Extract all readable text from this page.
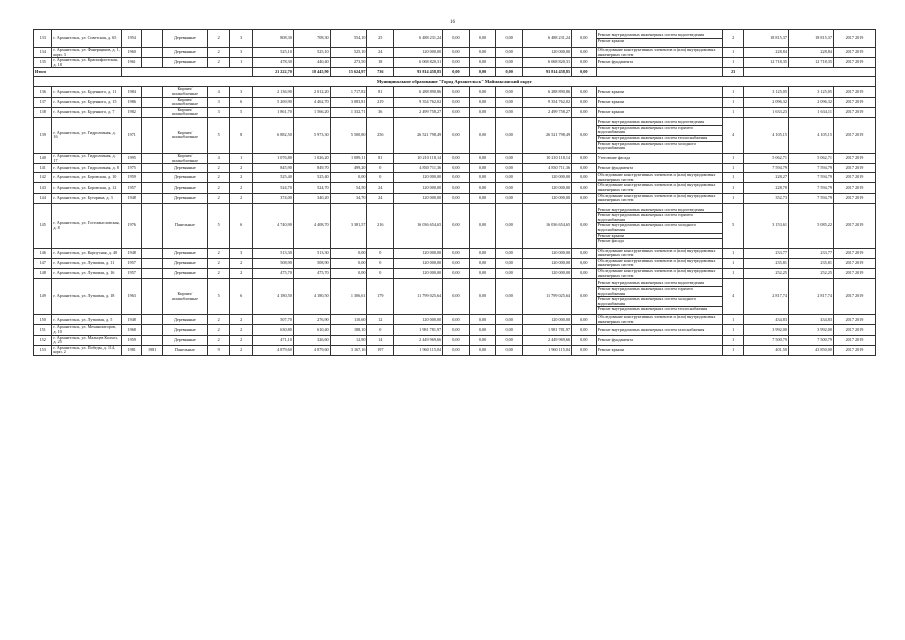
16
133	г. Архангельск, ул. Советская, д. 65	1954		Деревянные	2	3	808,30	708,30	554,10	25	6 488 231,24	0,00	0,00	0,00	6 488 231,24	0,00	Ремонт внутридомовых инженерных систем водоотведения
Ремонт крыши	2	18 815,37	18 815,37	2017 2019
134	г. Архангельск, ул. Фанерщиков, д. 1, корп. 3	1960		Деревянные	2	3	525,10	525,10	525,10	24	120 000,00	0,00	0,00	0,00	120 000,00	0,00	Обследование конструктивных элементов и (или) внутридомовых инженерных систем	1	228,84	228,84	2017 2019
135	г. Архангельск, ул. Краснофлотская, д. 18	1961		Деревянные	2	1	478,30	440,40	273,50	18	6 068 820,31	0,00	0,00	0,00	6 068 820,31	0,00	Ремонт фундамента	1	12 718,35	12 718,35	2017 2019
Итого							21 222,70	18 445,90	15 624,97	736	93 814 458,85	0,00	0,00	0,00	93 814 458,85	0,00		23			
Муниципальное образование "Город Архангельск" Маймаксанский округ																					
136	г. Архангельск, ул. Буденного, д. 11	1984		Кирпич/ шлакоблочные	4	3	2 136,90	2 012,20	1 717,82	81	6 288 890,86	0,00	0,00	0,00	6 288 890,86	0,00	Ремонт крыши	1	3 125,05	3 125,05	2017 2019
137	г. Архангельск, ул. Буденного, д. 15	1986		Кирпич/ шлакоблочные	3	6	5 269,90	4 462,70	3 083,81	219	9 354 762,02	0,00	0,00	0,00	9 354 762,02	0,00	Ремонт крыши	1	2 096,32	2 096,32	2017 2019
138	г. Архангельск, ул. Буденного, д. 7	1982		Кирпич/ шлакоблочные	3	5	1 861,70	1 566,20	1 332,71	36	2 499 758,27	0,00	0,00	0,00	2 499 758,27	0,00	Ремонт крыши	1	1 633,23	1 634,11	2017 2019
139	г. Архангельск, ул. Гидролизная, д. 16	1971		Кирпич/ шлакоблочные	5	8	6 882,50	5 973,30	5 500,80	256	26 521 798,49	0,00	0,00	0,00	26 521 798,49	0,00	Ремонт внутридомовых инженерных систем водоотведения
Ремонт внутридомовых инженерных систем горячего водоснабжения
Ремонт внутридомовых инженерных систем теплоснабжения
Ремонт внутридомовых инженерных систем холодного водоснабжения	4	4 105,15	4 105,15	2017 2019
140	г. Архангельск, ул. Гидролизная, д. 17	1995		Кирпич/ шлакоблочные	4	1	1 076,80	1 026,20	1 089,11	81	10 210 118,14	0,00	0,00	0,00	10 210 118,14	0,00	Утепление фасада	1	5 062,71	5 062,71	2017 2019
141	г. Архангельск, ул. Гидролизная, д. 8	1975		Деревянные	2	2	845,90	849,70	499,20	0	4 830 711,36	0,00	0,00	0,00	4 830 711,36	0,00	Ремонт фундамента	1	7 594,79	7 594,79	2017 2019
142	г. Архангельск, ул. Боровская, д. 10	1959		Деревянные	2	2	525,40	525,40	0,00	0	120 000,00	0,00	0,00	0,00	120 000,00	0,00	Обследование конструктивных элементов и (или) внутридомовых инженерных систем	1	228,27	7 594,79	2017 2019
143	г. Архангельск, ул. Боровская, д. 12	1957		Деревянные	2	2	524,70	524,70	54,50	24	120 000,00	0,00	0,00	0,00	120 000,00	0,00	Обследование конструктивных элементов и (или) внутридомовых инженерных систем	1	228,70	7 594,79	2017 2019
144	г. Архангельск, ул. Буторина, д. 3	1948		Деревянные	2	2	374,00	340,20	34,70	24	120 000,00	0,00	0,00	0,00	120 000,00	0,00	Обследование конструктивных элементов и (или) внутридомовых инженерных систем	1	352,73	7 594,79	2017 2019
145	г. Архангельск, ул. Гостомысловская, д. 8	1976		Панельные	5	6	4 740,90	4 408,70	3 381,57	216	16 036 654,65	0,00	0,00	0,00	16 036 654,65	0,00	Ремонт внутридомовых инженерных систем водоотведения
Ремонт внутридомовых инженерных систем горячего водоснабжения
Ремонт внутридомовых инженерных систем холодного водоснабжения
Ремонт крыши
Ремонт фасада	5	3 153,61	5 085,22	2017 2019
146	г. Архангельск, ул. Корпусная, д. 40	1948		Деревянные	2	3	513,30	513,30	0,00	0	120 000,00	0,00	0,00	0,00	120 000,00	0,00	Обследование конструктивных элементов и (или) внутридомовых инженерных систем	1	233,77	233,77	2017 2019
147	г. Архангельск, ул. Лутковая, д. 11	1957		Деревянные	2	2	508,90	508,90	0,00	0	120 000,00	0,00	0,00	0,00	120 000,00	0,00	Обследование конструктивных элементов и (или) внутридомовых инженерных систем	1	235,81	235,81	2017 2019
148	г. Архангельск, ул. Лутковая, д. 16	1957		Деревянные	2	2	475,70	475,70	0,00	0	120 000,00	0,00	0,00	0,00	120 000,00	0,00	Обследование конструктивных элементов и (или) внутридомовых инженерных систем	1	252,25	252,25	2017 2019
149	г. Архангельск, ул. Лутковая, д. 18	1963		Кирпич/ шлакоблочные	5	6	4 180,50	4 180,50	1 306,61	179	11 799 025,64	0,00	0,00	0,00	11 799 025,64	0,00	Ремонт внутридомовых инженерных систем водоотведения
Ремонт внутридомовых инженерных систем горячего водоснабжения
Ремонт внутридомовых инженерных систем холодного водоснабжения
Ремонт внутридомовых инженерных систем теплоснабжения	4	2 817,74	2 817,74	2017 2019
150	г. Архангельск, ул. Лутковая, д. 5	1948		Деревянные	2	2	507,70	276,90	110,60	12	120 000,00	0,00	0,00	0,00	120 000,00	0,00	Обследование конструктивных элементов и (или) внутридомовых инженерных систем	1	434,83	434,83	2017 2019
151	г. Архангельск, ул. Механизаторов, д. 10	1968		Деревянные	2	2	630,80	610,40	188,10	0	1 981 781,97	0,00	0,00	0,00	1 981 781,97	0,00	Ремонт внутридомовых инженерных систем газоснабжения	1	3 992,00	3 992,00	2017 2019
152	г. Архангельск, ул. Мальцев Колхоз, д. 25	1959		Деревянные	2	2	471,10	326,60	12,90	14	2 449 969,66	0,00	0,00	0,00	2 449 969,66	0,00	Ремонт фундамента	1	7 500,79	7 500,79	2017 2019
153	г. Архангельск, ул. Победы, д. 114, корп. 2	1981	1981	Панельные	9	2	4 879,60	4 879,60	3 167,16	197	1 960 115,04	0,00	0,00	0,00	1 960 115,04	0,00	Ремонт крыши	1	401,50	43 850,00	2017 2019
